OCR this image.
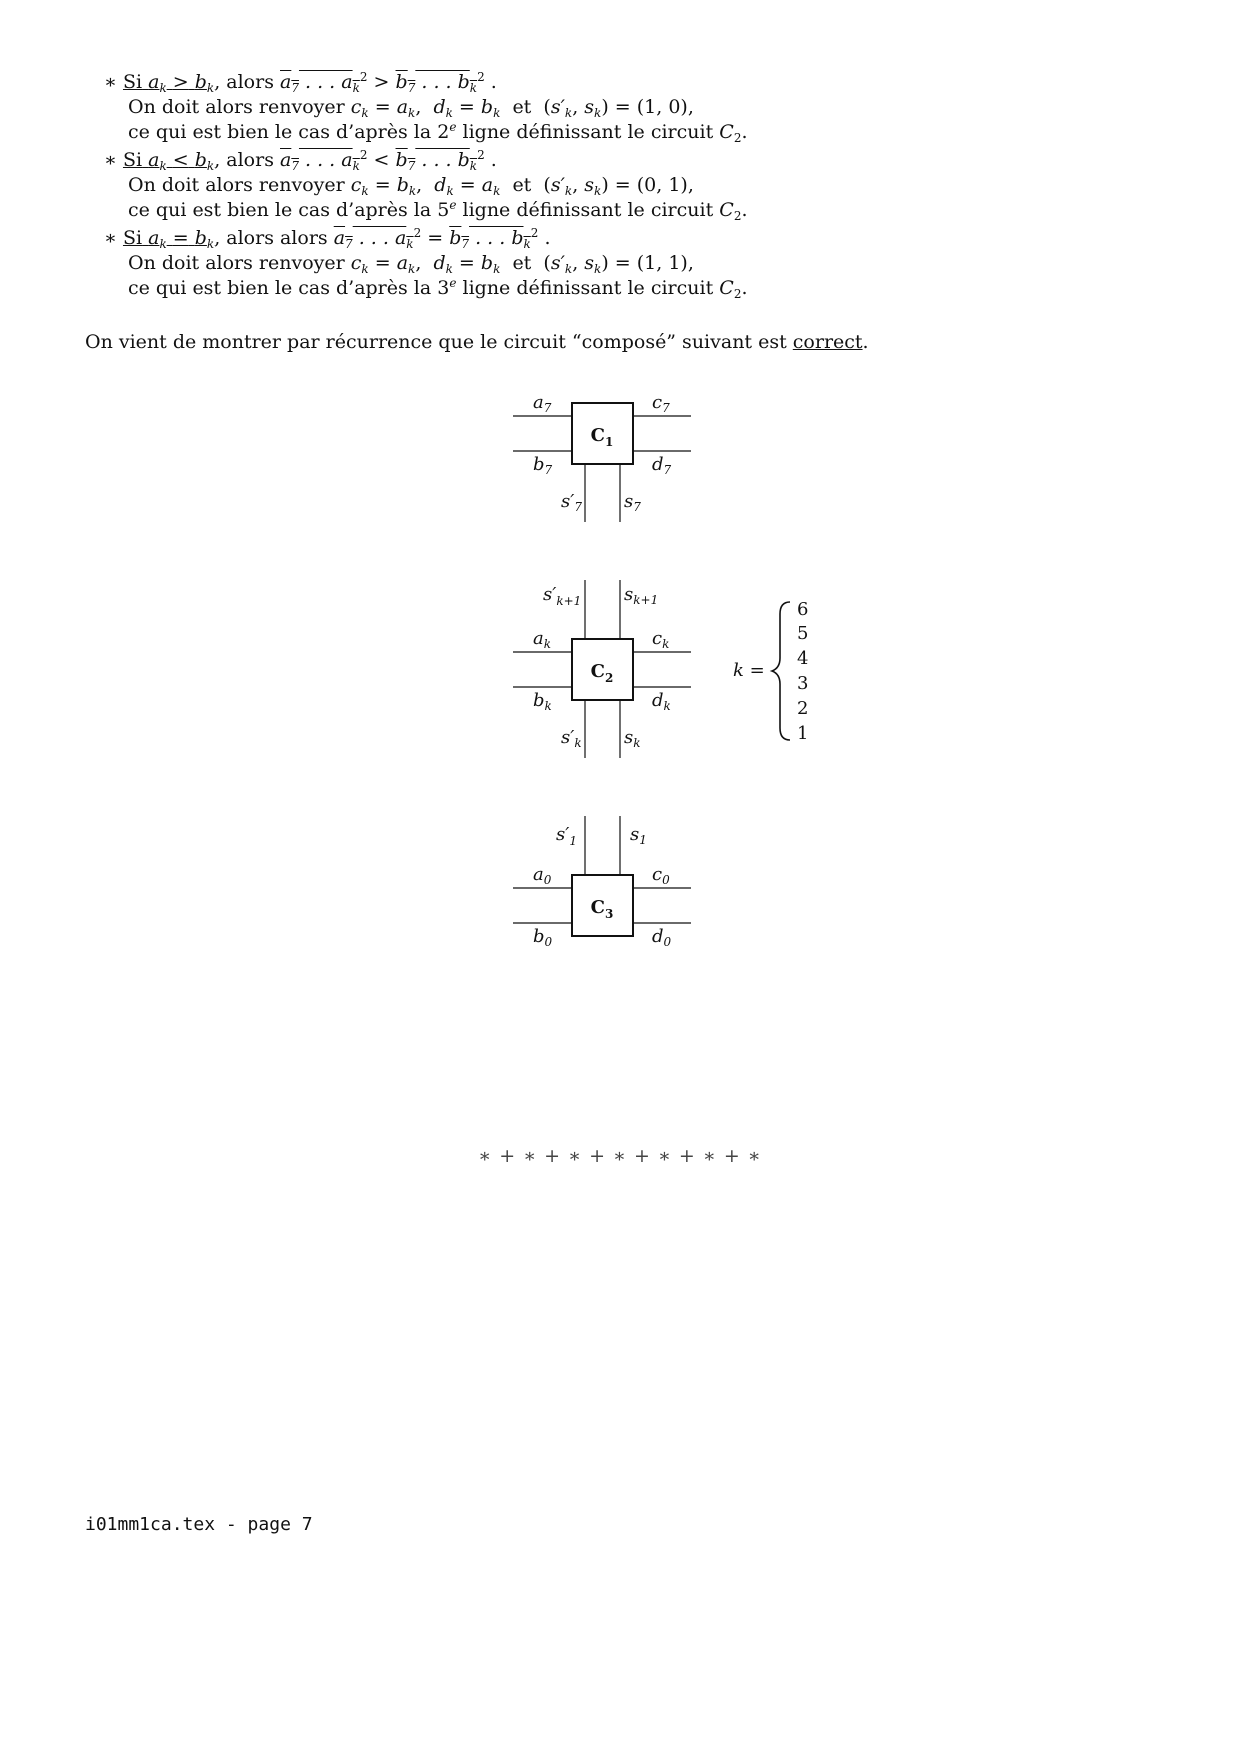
∗ Si $a_k > b_k$, alors $a_7$ . . . $a_k^2 > b_7$ . . . $b_k^2$ .
On doit alors renvoyer $c_k = a_k$,  $d_k = b_k$ et  ($s'_k$, $s_k) = (1$, 0),
ce qui est bien le cas d’après la 2e ligne définissant le circuit $C_2$.
∗ Si $a_k < b_k$, alors $a_7$ . . . $a_k^2 < b_7$ . . . $b_k^2$ .
On doit alors renvoyer $c_k = b_k$,  $d_k = a_k$ et  ($s'_k$, $s_k) = (0$, 1),
ce qui est bien le cas d’après la 5e ligne définissant le circuit $C_2$.
∗ Si $a_k = b_k$, alors alors $a_7$ . . . $a_k^2 = b_7$ . . . $b_k^2$ .
On doit alors renvoyer $c_k = a_k$,  $d_k = b_k$ et  ($s'_k$, $s_k) = (1$, 1),
ce qui est bien le cas d’après la 3e ligne définissant le circuit $C_2$.
On vient de montrer par récurrence que le circuit “composé” suivant est correct.
$C_1$
$a_7$
$b_7$
$c_7$
$d_7$
$s'_7$ $s_7$
$C_2$
$s'_{k+1}$ $s_{k+1}$
$a_k$
$b_k$
$c_k$
$d_k$
$s'_k$ $s_k$
k =
6
5
4
3
2
1
$C_3$
$s'_1$	$s_1$
$a_0$
$b_0$
$c_0$
$d_0$
∗ + ∗ + ∗ + ∗ + ∗ + ∗ + ∗
i01mm1ca.tex - page 7
